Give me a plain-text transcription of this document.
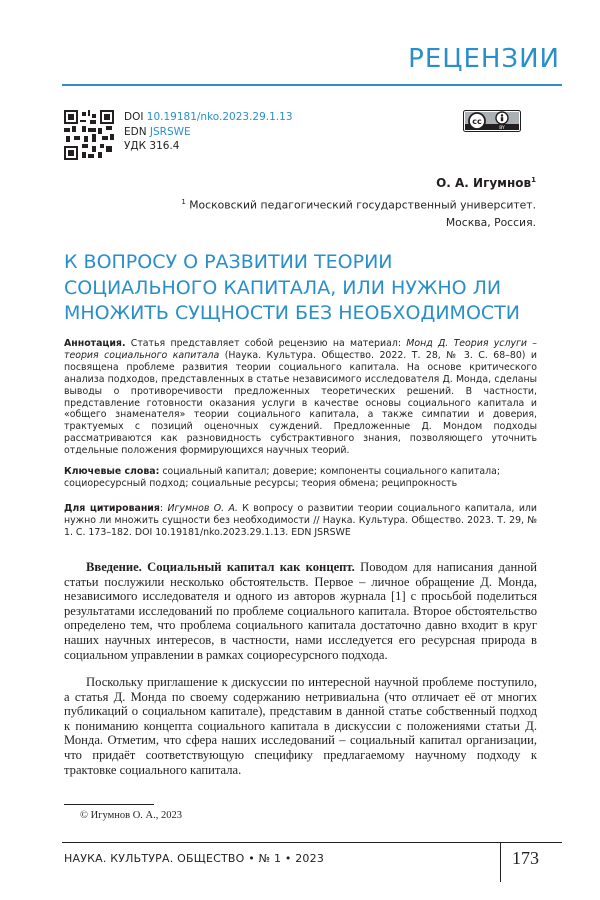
РЕЦЕНЗИИ
DOI 10.19181/nko.2023.29.1.13
EDN JSRSWE
УДК 316.4
cc
BY
О. А. Игумнов$^1$
$^1$ Московский педагогический государственный университет.
Москва, Россия.
К ВОПРОСУ О РАЗВИТИИ ТЕОРИИ СОЦИАЛЬНОГО КАПИТАЛА, ИЛИ НУЖНО ЛИ МНОЖИТЬ СУЩНОСТИ БЕЗ НЕОБХОДИМОСТИ
Аннотация. Статья представляет собой рецензию на материал: Монд Д. Теория услуги – теория социального капитала (Наука. Культура. Общество. 2022. Т. 28, № 3. С. 68–80) и посвящена проблеме развития теории социального капитала. На основе критического анализа подходов, представленных в статье независимого исследователя Д. Монда, сделаны выводы о противоречивости предложенных теоретических решений. В частности, представление готовности оказания услуги в качестве основы социального капитала и «общего знаменателя» теории социального капитала, а также симпатии и доверия, трактуемых с позиций оценочных суждений. Предложенные Д. Мондом подходы рассматриваются как разновидность субстрактивного знания, позволяющего уточнить отдельные положения формирующихся научных теорий.
Ключевые слова: социальный капитал; доверие; компоненты социального капитала; социоресурсный подход; социальные ресурсы; теория обмена; реципрокность
Для цитирования: Игумнов О. А. К вопросу о развитии теории социального капитала, или нужно ли множить сущности без необходимости // Наука. Культура. Общество. 2023. Т. 29, № 1. С. 173–182. DOI 10.19181/nko.2023.29.1.13. EDN JSRSWE
Введение. Социальный капитал как концепт. Поводом для написания данной статьи послужили несколько обстоятельств. Первое – личное обращение Д. Монда, независимого исследователя и одного из авторов журнала [1] с просьбой поделиться результатами исследований по проблеме социального капитала. Второе обстоятельство определено тем, что проблема социального капитала достаточно давно входит в круг наших научных интересов, в частности, нами исследуется его ресурсная природа в социальном управлении в рамках социоресурсного подхода.
Поскольку приглашение к дискуссии по интересной научной проблеме поступило, а статья Д. Монда по своему содержанию нетривиальна (что отличает её от многих публикаций о социальном капитале), представим в данной статье собственный подход к пониманию концепта социального капитала в дискуссии с положениями статьи Д. Монда. Отметим, что сфера наших исследований – социальный капитал организации, что придаёт соответствующую специфику предлагаемому научному подходу к трактовке социального капитала.
© Игумнов О. А., 2023
НАУКА. КУЛЬТУРА. ОБЩЕСТВО • № 1 • 2023	173
